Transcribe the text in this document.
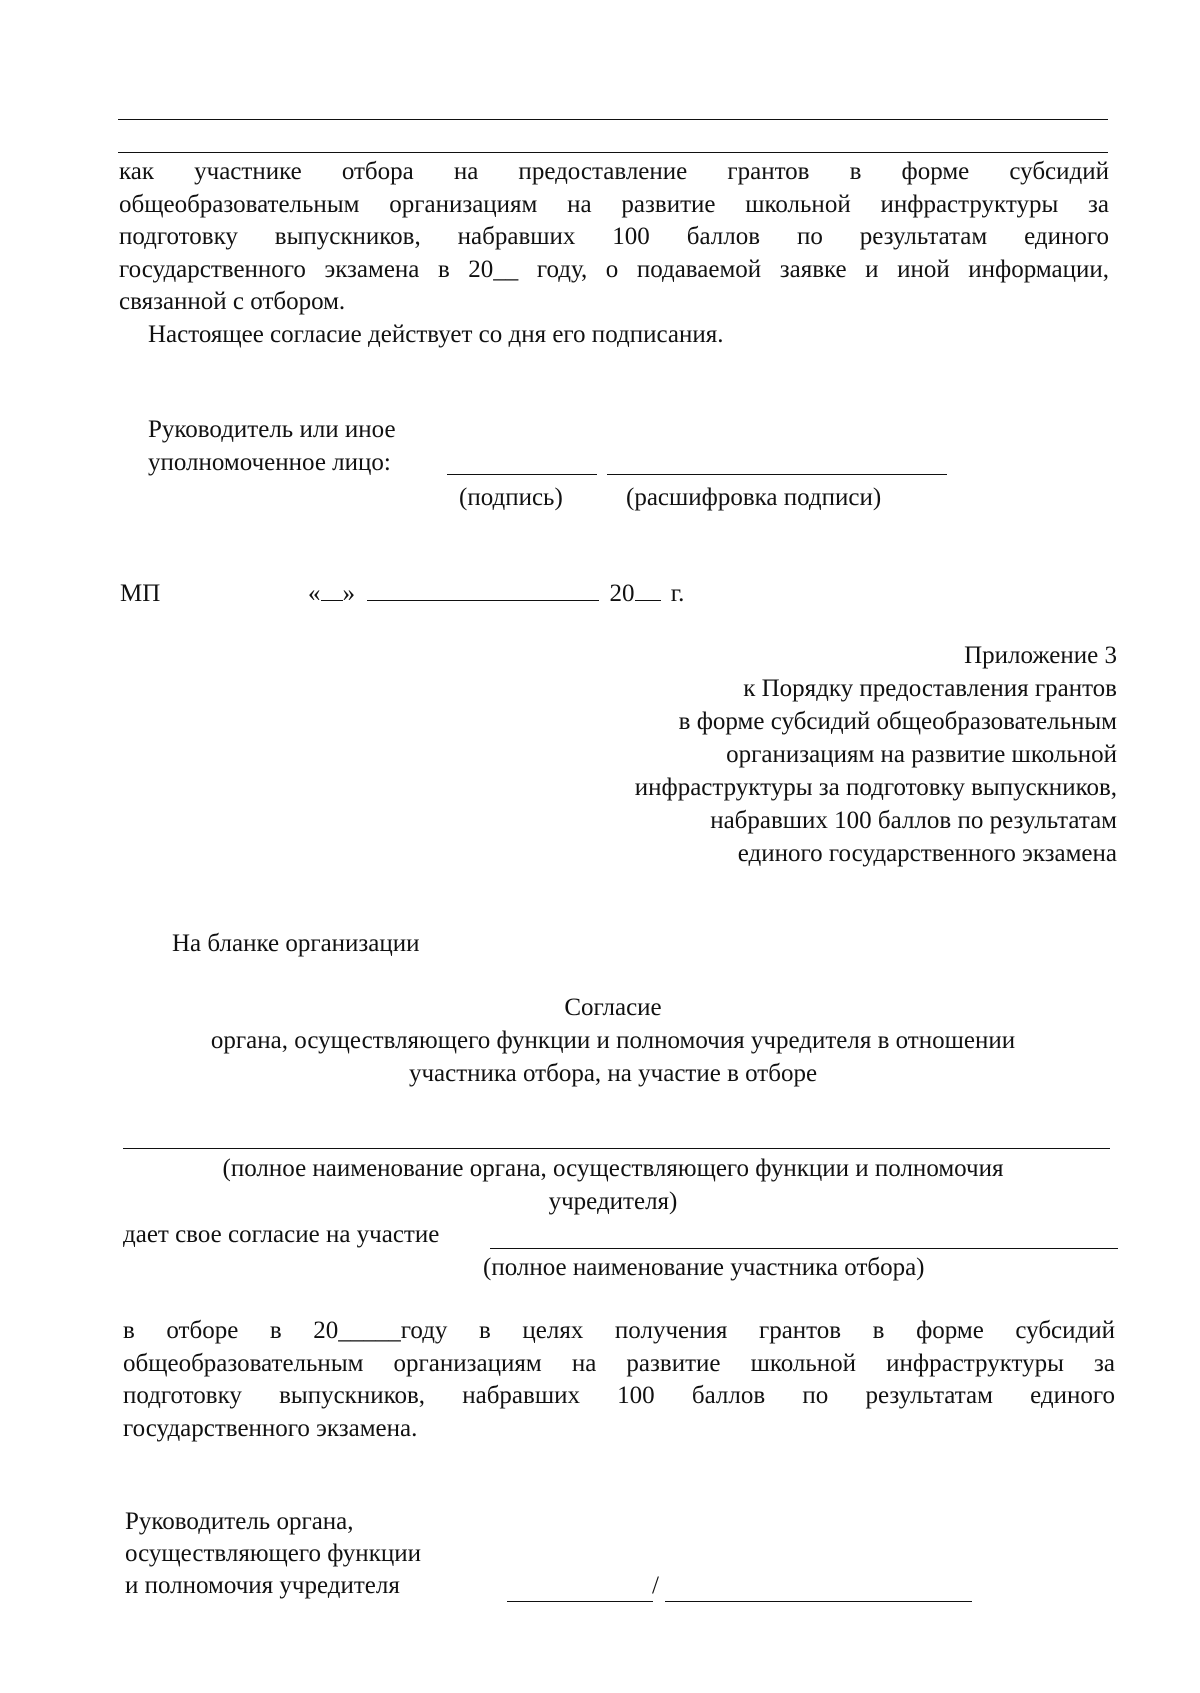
как участнике отбора на предоставление грантов в форме субсидий
общеобразовательным организациям на развитие школьной инфраструктуры за
подготовку выпускников, набравших 100 баллов по результатам единого
государственного экзамена в 20__ году, о подаваемой заявке и иной информации,
связанной с отбором.
Настоящее согласие действует со дня его подписания.
Руководитель или иное
уполномоченное лицо:
(подпись)	(расшифровка подписи)
МП	« »	20 г.
Приложение 3
к Порядку предоставления грантов
в форме субсидий общеобразовательным
организациям на развитие школьной
инфраструктуры за подготовку выпускников,
набравших 100 баллов по результатам
единого государственного экзамена
На бланке организации
Согласие
органа, осуществляющего функции и полномочия учредителя в отношении
участника отбора, на участие в отборе
(полное наименование органа, осуществляющего функции и полномочия
учредителя)
дает свое согласие на участие
(полное наименование участника отбора)
в отборе в 20_____году в целях получения грантов в форме субсидий
общеобразовательным организациям на развитие школьной инфраструктуры за
подготовку выпускников, набравших 100 баллов по результатам единого
государственного экзамена.
Руководитель органа,
осуществляющего функции
и полномочия учредителя	/
